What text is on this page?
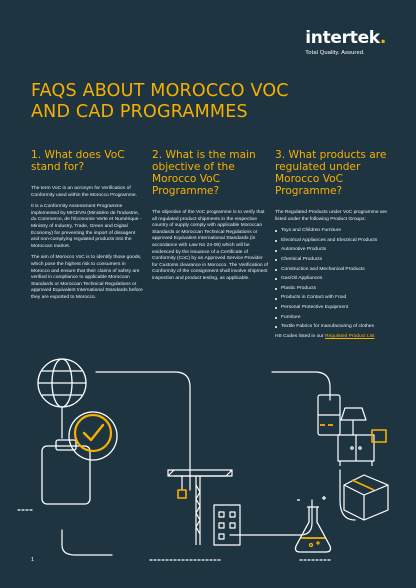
intertek.
Total Quality. Assured.
FAQS ABOUT MOROCCO VOC
AND CAD PROGRAMMES
1. What does VoC stand for?

The term VoC is an acronym for Verification of Conformity used within the Morocco Programme.

It is a Conformity Assessment Programme implemented by MICEVN (Ministère de l'Industrie, du Commerce, de l'Économie Verte et Numérique - Ministry of Industry, Trade, Green and Digital Economy) for preventing the import of dissagent and non-complying regulated products into the Moroccan market.

The aim of Morocco VoC is to identify those goods, which pose the highest risk to consumers in Morocco and ensure that their claims of safety are verified in compliance to applicable Moroccan Standards or Moroccan Technical Regulations or approved Equivalent International Standards before they are exported to Morocco.

2. What is the main objective of the Morocco VoC Programme?

The objective of the VoC programme is to verify that all regulated product shipments in the respective country of supply comply with applicable Moroccan Standards or Moroccan Technical Regulations or approved Equivalent International Standards (in accordance with Law No 24-09) which will be evidenced by the issuance of a Certificate of Conformity (CoC) by an Approved Service Provider for Customs clearance in Morocco. The Verification of Conformity of the consignment shall involve shipment inspection and product testing, as applicable.

3. What products are regulated under Morocco VoC Programme?

The Regulated Products under VoC programme are listed under the following Product Groups:

Toys and Children Furniture
Electrical Appliances and Electrical Products
Automotive Products
Chemical Products
Construction and Mechanical Products
Gas/Oil Appliances
Plastic Products
Products in Contact with Food
Personal Protective Equipment
Furniture
Textile Fabrics for manufacturing of clothes
HS Codes listed in our Regulated Product List
1
